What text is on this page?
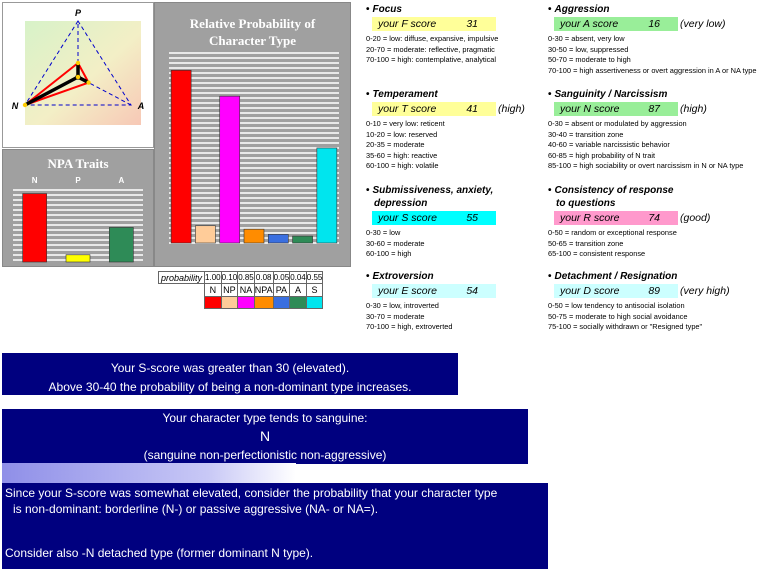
P
N	A
N	P	A
NPA Traits
Relative Probability of
Character Type
probability	1.00	0.10	0.85	0.08	0.05	0.04	0.55
	N	NP	NA	NPA	PA	A	S

• Focus
your F score	31
0-20 = low: diffuse, expansive, impulsive
20-70 = moderate: reflective, pragmatic
70-100 = high: contemplative, analytical
• Aggression
your A score	16 (very low)
0-30 = absent, very low
30-50 = low, suppressed
50-70 = moderate to high
70-100 = high assertiveness or overt aggression in A or NA type
• Temperament
your T score	41 (high)
0-10 = very low: reticent
10-20 = low: reserved
20-35 = moderate
35-60 = high: reactive
60-100 = high: volatile
• Sanguinity / Narcissism
your N score	87 (high)
0-30 = absent or modulated by aggression
30-40 = transition zone
40-60 = variable narcissistic behavior
60-85 = high probability of N trait
85-100 = high sociability or overt narcissism in N or NA type
• Submissiveness, anxiety,
depression
your S score	55
0-30 = low
30-60 = moderate
60-100 = high
• Consistency of response
to questions
your R score	74 (good)
0-50 = random or exceptional response
50-65 = transition zone
65-100 = consistent response
• Extroversion
your E score	54
0-30 = low, introverted
30-70 = moderate
70-100 = high, extroverted
• Detachment / Resignation
your D score	89 (very high)
0-50 = low tendency to antisocial isolation
50-75 = moderate to high social avoidance
75-100 = socially withdrawn or "Resigned type"
Your S-score was greater than 30 (elevated).
Above 30-40 the probability of being a non-dominant type increases.
Your character type tends to sanguine:
N
(sanguine non-perfectionistic non-aggressive)
Since your S-score was somewhat elevated, consider the probability that your character type
is non-dominant: borderline (N-) or passive aggressive (NA- or NA=).
Consider also -N detached type (former dominant N type).
